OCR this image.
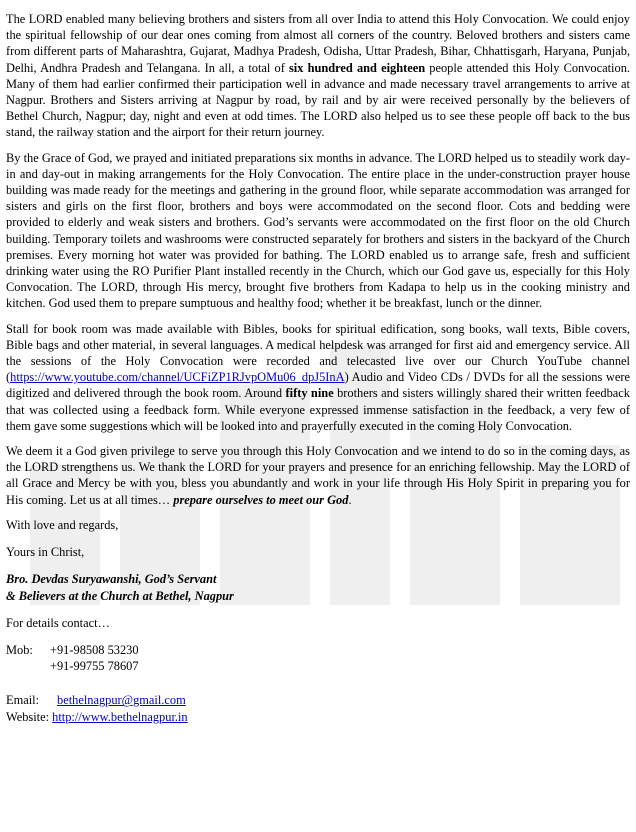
The LORD enabled many believing brothers and sisters from all over India to attend this Holy Convocation. We could enjoy the spiritual fellowship of our dear ones coming from almost all corners of the country. Beloved brothers and sisters came from different parts of Maharashtra, Gujarat, Madhya Pradesh, Odisha, Uttar Pradesh, Bihar, Chhattisgarh, Haryana, Punjab, Delhi, Andhra Pradesh and Telangana. In all, a total of six hundred and eighteen people attended this Holy Convocation. Many of them had earlier confirmed their participation well in advance and made necessary travel arrangements to arrive at Nagpur. Brothers and Sisters arriving at Nagpur by road, by rail and by air were received personally by the believers of Bethel Church, Nagpur; day, night and even at odd times. The LORD also helped us to see these people off back to the bus stand, the railway station and the airport for their return journey.

By the Grace of God, we prayed and initiated preparations six months in advance. The LORD helped us to steadily work day-in and day-out in making arrangements for the Holy Convocation. The entire place in the under-construction prayer house building was made ready for the meetings and gathering in the ground floor, while separate accommodation was arranged for sisters and girls on the first floor, brothers and boys were accommodated on the second floor. Cots and bedding were provided to elderly and weak sisters and brothers. God’s servants were accommodated on the first floor on the old Church building. Temporary toilets and washrooms were constructed separately for brothers and sisters in the backyard of the Church premises. Every morning hot water was provided for bathing. The LORD enabled us to arrange safe, fresh and sufficient drinking water using the RO Purifier Plant installed recently in the Church, which our God gave us, especially for this Holy Convocation. The LORD, through His mercy, brought five brothers from Kadapa to help us in the cooking ministry and kitchen. God used them to prepare sumptuous and healthy food; whether it be breakfast, lunch or the dinner.

Stall for book room was made available with Bibles, books for spiritual edification, song books, wall texts, Bible covers, Bible bags and other material, in several languages. A medical helpdesk was arranged for first aid and emergency service. All the sessions of the Holy Convocation were recorded and telecasted live over our Church YouTube channel (https://www.youtube.com/channel/UCFiZP1RJvpOMu06_dpJ5InA) Audio and Video CDs / DVDs for all the sessions were digitized and delivered through the book room. Around fifty nine brothers and sisters willingly shared their written feedback that was collected using a feedback form. While everyone expressed immense satisfaction in the feedback, a very few of them gave some suggestions which will be looked into and prayerfully executed in the coming Holy Convocation.

We deem it a God given privilege to serve you through this Holy Convocation and we intend to do so in the coming days, as the LORD strengthens us. We thank the LORD for your prayers and presence for an enriching fellowship. May the LORD of all Grace and Mercy be with you, bless you abundantly and work in your life through His Holy Spirit in preparing you for His coming. Let us at all times… prepare ourselves to meet our God.

With love and regards,
Yours in Christ,
Bro. Devdas Suryawanshi, God’s Servant
& Believers at the Church at Bethel, Nagpur
For details contact…
Mob:	+91-98508 53230
+91-99755 78607
Email: bethelnagpur@gmail.com
Website: http://www.bethelnagpur.in
